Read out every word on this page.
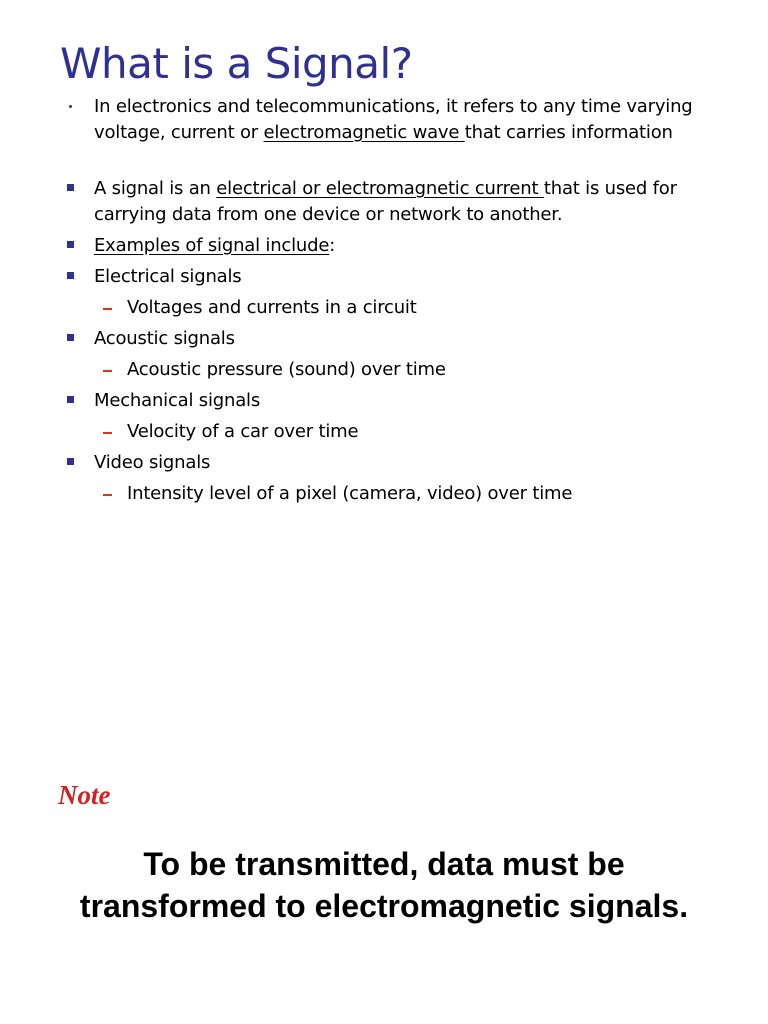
What is a Signal?
In electronics and telecommunications, it refers to any time varying voltage, current or electromagnetic wave that carries information
A signal is an electrical or electromagnetic current that is used for carrying data from one device or network to another.
Examples of signal include:
Electrical signals
Voltages and currents in a circuit
Acoustic signals
Acoustic pressure (sound) over time
Mechanical signals
Velocity of a car over time
Video signals
Intensity level of a pixel (camera, video) over time
Note
To be transmitted, data must be
transformed to electromagnetic signals.
